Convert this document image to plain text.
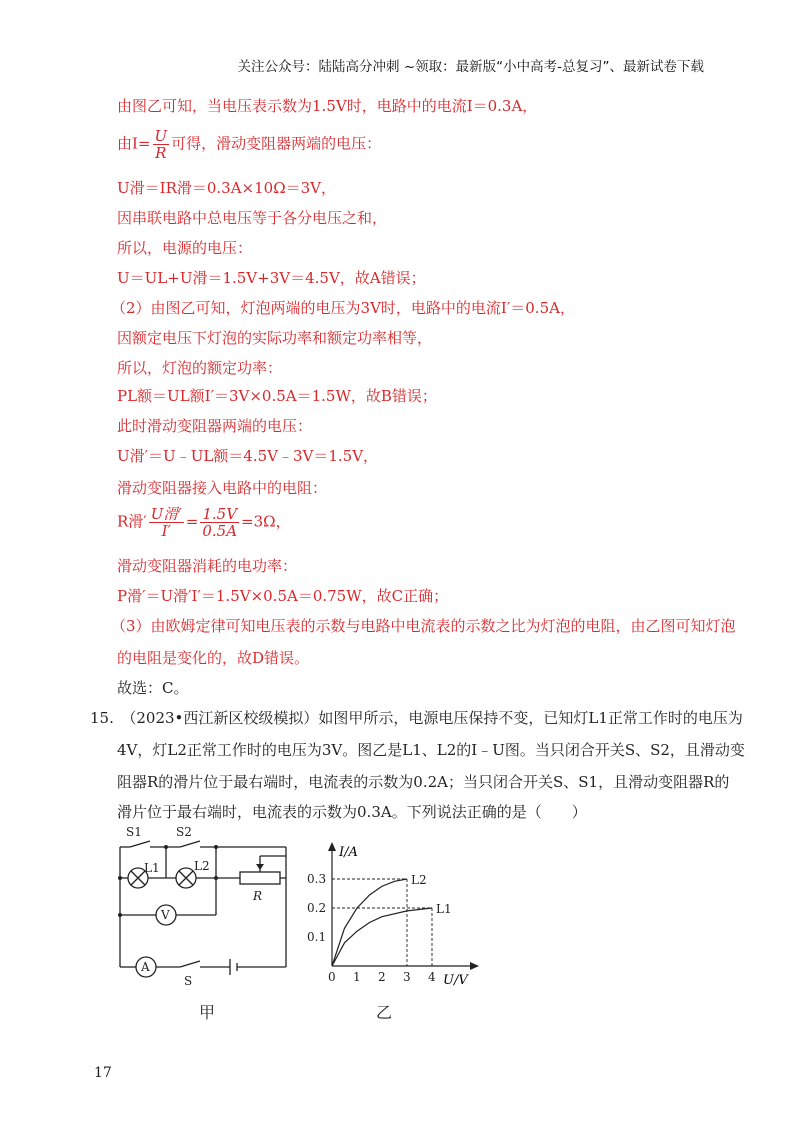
关注公众号：陆陆高分冲刺 ~领取：最新版“小中高考-总复习”、最新试卷下载
由图乙可知，当电压表示数为1.5V时，电路中的电流I＝0.3A，
由$I= \frac{U}{R}$ 可得，滑动变阻器两端的电压：
U滑＝IR滑＝0.3A×10Ω＝3V，
因串联电路中总电压等于各分电压之和，
所以，电源的电压：
U＝UL+U滑＝1.5V+3V＝4.5V，故A错误；
（2）由图乙可知，灯泡两端的电压为3V时，电路中的电流I′＝0.5A，
因额定电压下灯泡的实际功率和额定功率相等，
所以，灯泡的额定功率：
PL额＝UL额I′＝3V×0.5A＝1.5W，故B错误；
此时滑动变阻器两端的电压：
U滑′＝U﹣UL额＝4.5V﹣3V＝1.5V，
滑动变阻器接入电路中的电阻：
R滑′ $\frac{\text{U滑′}}{I'} = \frac{1.5V}{0.5A} =3\Omega$，
滑动变阻器消耗的电功率：
P滑′＝U滑′I′＝1.5V×0.5A＝0.75W，故C正确；
（3）由欧姆定律可知电压表的示数与电路中电流表的示数之比为灯泡的电阻，由乙图可知灯泡
的电阻是变化的，故D错误。
故选：C。
15.　（2023•西江新区校级模拟）如图甲所示，电源电压保持不变，已知灯L1正常工作时的电压为
4V，灯L2正常工作时的电压为3V。图乙是L1、L2的I﹣U图。当只闭合开关S、S2，且滑动变
阻器R的滑片位于最右端时，电流表的示数为0.2A；当只闭合开关S、S1，且滑动变阻器R的
滑片位于最右端时，电流表的示数为0.3A。下列说法正确的是（　　）
S1	S2
L1	L2
R
V
A
S
甲
0 1 2 3 4
0.1
0.2
0.3	L2
L1
I/A
U/V
乙
17
